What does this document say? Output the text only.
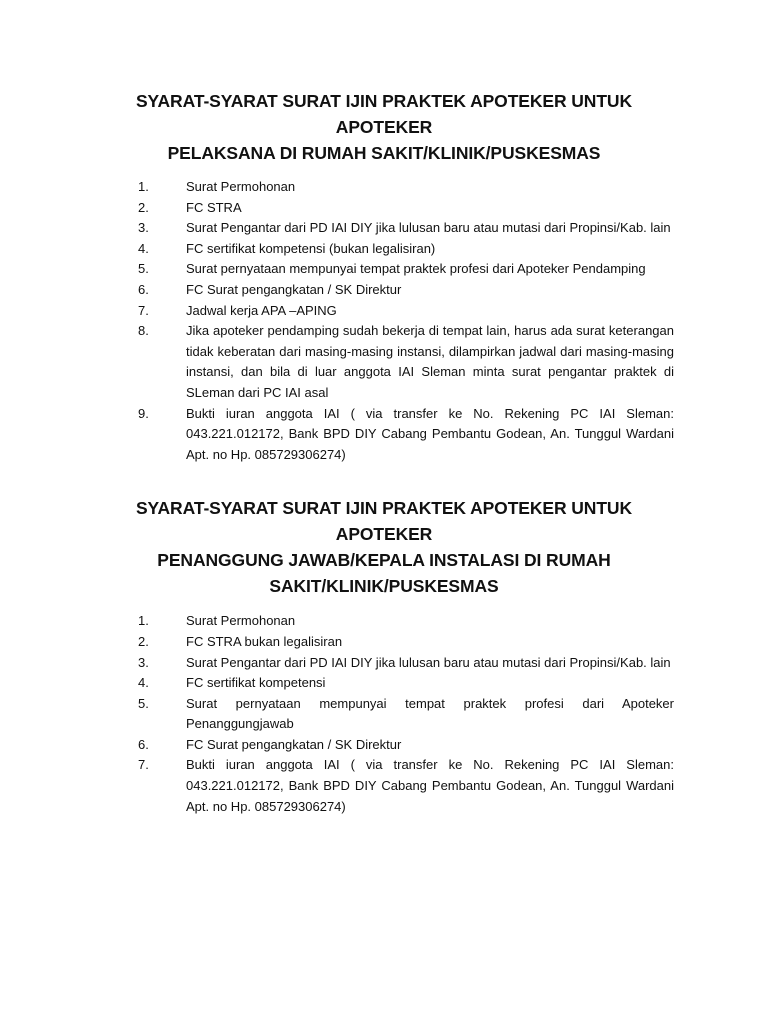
SYARAT-SYARAT SURAT IJIN PRAKTEK APOTEKER UNTUK APOTEKER
PELAKSANA DI RUMAH SAKIT/KLINIK/PUSKESMAS
1.	Surat Permohonan
2.	FC STRA
3.	Surat Pengantar dari PD IAI DIY jika lulusan baru atau mutasi dari Propinsi/Kab. lain
4.	FC sertifikat kompetensi (bukan legalisiran)
5.	Surat pernyataan mempunyai tempat praktek profesi dari Apoteker Pendamping
6.	FC Surat pengangkatan / SK Direktur
7.	Jadwal kerja APA –APING
8.	Jika apoteker pendamping sudah bekerja di tempat lain, harus ada surat keterangan tidak keberatan dari masing-masing instansi, dilampirkan jadwal dari masing-masing instansi, dan bila di luar anggota IAI Sleman minta surat pengantar praktek di SLeman dari PC IAI asal
9.	Bukti iuran anggota IAI ( via transfer ke No. Rekening PC IAI Sleman: 043.221.012172, Bank BPD DIY Cabang Pembantu Godean, An. Tunggul Wardani Apt. no Hp. 085729306274)
SYARAT-SYARAT SURAT IJIN PRAKTEK APOTEKER UNTUK APOTEKER
PENANGGUNG JAWAB/KEPALA INSTALASI DI RUMAH
SAKIT/KLINIK/PUSKESMAS
1.	Surat Permohonan
2.	FC STRA bukan legalisiran
3.	Surat Pengantar dari PD IAI DIY jika lulusan baru atau mutasi dari Propinsi/Kab. lain
4.	FC sertifikat kompetensi
5.	Surat pernyataan mempunyai tempat praktek profesi dari Apoteker Penanggungjawab
6.	FC Surat pengangkatan / SK Direktur
7.	Bukti iuran anggota IAI ( via transfer ke No. Rekening PC IAI Sleman: 043.221.012172, Bank BPD DIY Cabang Pembantu Godean, An. Tunggul Wardani Apt. no Hp. 085729306274)
